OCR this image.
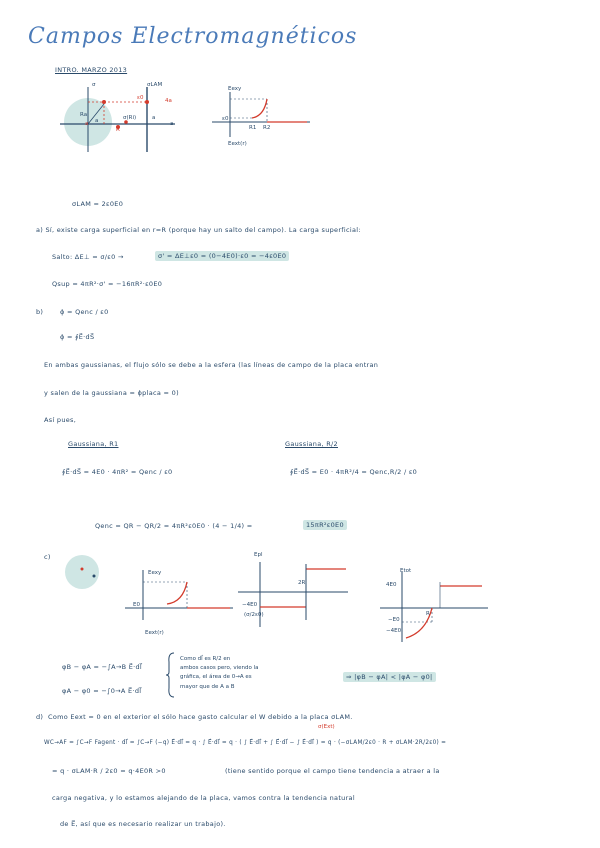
Campos Electromagnéticos
INTRO. MARZO 2013
σ	σLAM
ε0	4a
Ra
a	σ(Ri)	a
a
R
a
Eexy
Eext(r)
ε0
R1 R2
σLAM = 2ε0E0
a) Sí, existe carga superficial en r=R (porque hay un salto del campo). La carga superficial:
Salto: ΔE⊥ = σ/ε0 →	σ' = ΔE⊥ε0 = (0−4E0)·ε0 = −4ε0E0
Qsup = 4πR²·σ' = −16πR²·ε0E0
b)	ϕ = Qenc / ε0
ϕ = ∮E⃗·dS⃗
En ambas gaussianas, el flujo sólo se debe a la esfera (las líneas de campo de la placa entran
y salen de la gaussiana = ϕplaca = 0)
Así pues,
Gaussiana, R1	Gaussiana, R/2
∮E⃗·dS⃗ = 4E0 · 4πR² = Qenc / ε0	∮E⃗·dS⃗ = E0 · 4πR²/4 = Qenc,R/2 / ε0
Qenc = QR − QR/2 = 4πR²ε0E0 · (4 − 1/4) =	15πR²ε0E0
c)
Eexy
Eext(r)
E0
Epl
−4E0
(σ/2ε0)
2R
Etot
4E0
−E0
−4E0
R
φB − φA = −∫A→B E⃗·dl⃗
φA − φ0 = −∫0→A E⃗·dl⃗
Como dl⃗ es R/2 en
ambos casos pero, viendo la
gráfica, el área de 0→A es
mayor que de A a B
⇒ |φB − φA| < |φA − φ0|
d) Como Eext = 0 en el exterior el sólo hace gasto calcular el W debido a la placa σLAM.
σ(Ext)
WC→AF = ∫C→F Fagent · dl⃗ = ∫C→F (−q) E⃗·dl⃗ = q · ∫ E⃗·dl⃗ = q · ( ∫ E⃗·dl⃗ + ∫ E⃗·dl⃗ − ∫ E⃗·dl⃗ ) = q · (−σLAM/2ε0 · R + σLAM·2R/2ε0) =
= q · σLAM·R / 2ε0 = q·4E0R >0	(tiene sentido porque el campo tiene tendencia a atraer a la
carga negativa, y lo estamos alejando de la placa, vamos contra la tendencia natural
de E⃗, así que es necesario realizar un trabajo).
